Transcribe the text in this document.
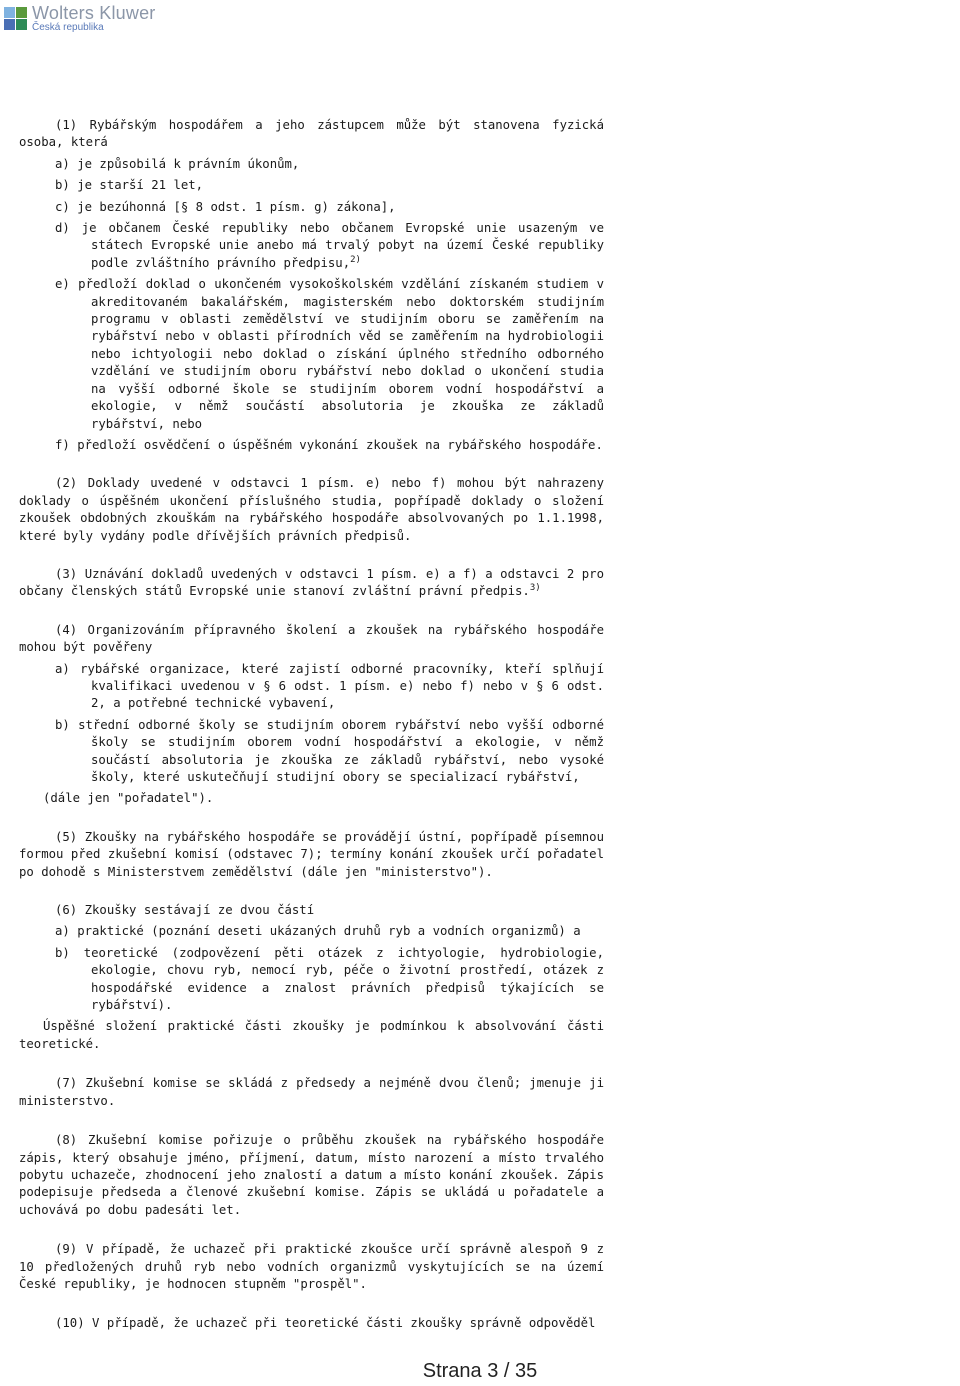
Wolters Kluwer
Česká republika

(1) Rybářským hospodářem a jeho zástupcem může být stanovena fyzická osoba, která

a) je způsobilá k právním úkonům,

b) je starší 21 let,

c) je bezúhonná [§ 8 odst. 1 písm. g) zákona],

d) je občanem České republiky nebo občanem Evropské unie usazeným ve státech Evropské unie anebo má trvalý pobyt na území České republiky podle zvláštního právního předpisu,$^{2)}$

e) předloží doklad o ukončeném vysokoškolském vzdělání získaném studiem v akreditovaném bakalářském, magisterském nebo doktorském studijním programu v oblasti zemědělství ve studijním oboru se zaměřením na rybářství nebo v oblasti přírodních věd se zaměřením na hydrobiologii nebo ichtyologii nebo doklad o získání úplného středního odborného vzdělání ve studijním oboru rybářství nebo doklad o ukončení studia na vyšší odborné škole se studijním oborem vodní hospodářství a ekologie, v němž součástí absolutoria je zkouška ze základů rybářství, nebo

f) předloží osvědčení o úspěšném vykonání zkoušek na rybářského hospodáře.

(2) Doklady uvedené v odstavci 1 písm. e) nebo f) mohou být nahrazeny doklady o úspěšném ukončení příslušného studia, popřípadě doklady o složení zkoušek obdobných zkouškám na rybářského hospodáře absolvovaných po 1.1.1998, které byly vydány podle dřívějších právních předpisů.

(3) Uznávání dokladů uvedených v odstavci 1 písm. e) a f) a odstavci 2 pro občany členských států Evropské unie stanoví zvláštní právní předpis.$^{3)}$

(4) Organizováním přípravného školení a zkoušek na rybářského hospodáře mohou být pověřeny

a) rybářské organizace, které zajistí odborné pracovníky, kteří splňují kvalifikaci uvedenou v § 6 odst. 1 písm. e) nebo f) nebo v § 6 odst. 2, a potřebné technické vybavení,

b) střední odborné školy se studijním oborem rybářství nebo vyšší odborné školy se studijním oborem vodní hospodářství a ekologie, v němž součástí absolutoria je zkouška ze základů rybářství, nebo vysoké školy, které uskutečňují studijní obory se specializací rybářství,

(dále jen "pořadatel").

(5) Zkoušky na rybářského hospodáře se provádějí ústní, popřípadě písemnou formou před zkušební komisí (odstavec 7); termíny konání zkoušek určí pořadatel po dohodě s Ministerstvem zemědělství (dále jen "ministerstvo").

(6) Zkoušky sestávají ze dvou částí

a) praktické (poznání deseti ukázaných druhů ryb a vodních organizmů) a

b) teoretické (zodpovězení pěti otázek z ichtyologie, hydrobiologie, ekologie, chovu ryb, nemocí ryb, péče o životní prostředí, otázek z hospodářské evidence a znalost právních předpisů týkajících se rybářství).

Úspěšné složení praktické části zkoušky je podmínkou k absolvování části teoretické.

(7) Zkušební komise se skládá z předsedy a nejméně dvou členů; jmenuje ji ministerstvo.

(8) Zkušební komise pořizuje o průběhu zkoušek na rybářského hospodáře zápis, který obsahuje jméno, příjmení, datum, místo narození a místo trvalého pobytu uchazeče, zhodnocení jeho znalostí a datum a místo konání zkoušek. Zápis podepisuje předseda a členové zkušební komise. Zápis se ukládá u pořadatele a uchovává po dobu padesáti let.

(9) V případě, že uchazeč při praktické zkoušce určí správně alespoň 9 z 10 předložených druhů ryb nebo vodních organizmů vyskytujících se na území České republiky, je hodnocen stupněm "prospěl".

(10) V případě, že uchazeč při teoretické části zkoušky správně odpověděl

Strana 3 / 35
